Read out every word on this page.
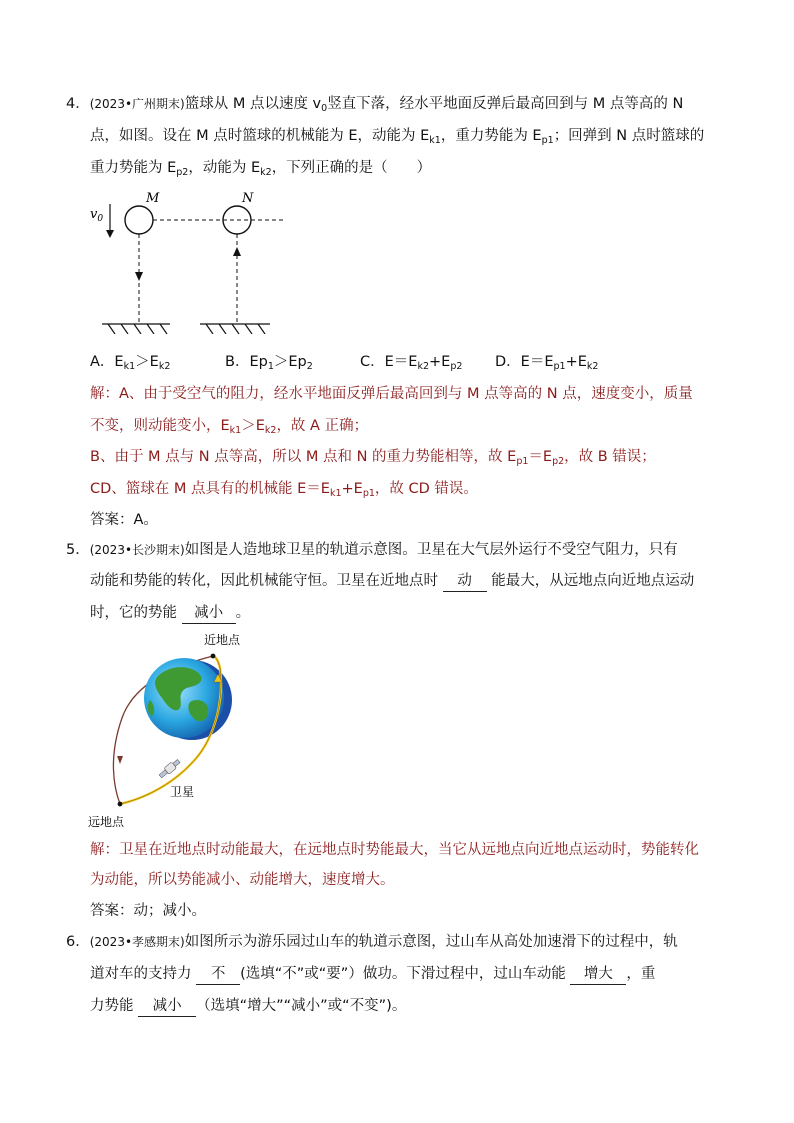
4．(2023•广州期末)篮球从 M 点以速度 $v_0$竖直下落，经水平地面反弹后最高回到与 M 点等高的 N
点，如图。设在 M 点时篮球的机械能为 E，动能为 $E_{k1}$，重力势能为 $E_{p1}$；回弹到 N 点时篮球的
重力势能为 $E_{p2}$，动能为 $E_{k2}$，下列正确的是（　　）
$v_0$
M	N
A．$E_{k1}>E_{k2}$	B．$Ep_1>Ep_2$	C．$E=E_{k2}+E_{p2}$ D．$E=E_{p1}+E_{k2}$
解：A、由于受空气的阻力，经水平地面反弹后最高回到与 M 点等高的 N 点，速度变小，质量
不变，则动能变小，$E_{k1}>E_{k2}$，故 A 正确；
B、由于 M 点与 N 点等高，所以 M 点和 N 的重力势能相等，故 $E_{p1}=E_{p2}$，故 B 错误；
CD、篮球在 M 点具有的机械能 $E=E_{k1}+E_{p1}$，故 CD 错误。
答案：A。
5．(2023•长沙期末)如图是人造地球卫星的轨道示意图。卫星在大气层外运行不受空气阻力，只有
动能和势能的转化，因此机械能守恒。卫星在近地点时 动 能最大，从远地点向近地点运动
时，它的势能 减小 。
近地点
远地点
卫星
解：卫星在近地点时动能最大，在远地点时势能最大，当它从远地点向近地点运动时，势能转化
为动能，所以势能减小、动能增大，速度增大。
答案：动；减小。
6．(2023•孝感期末)如图所示为游乐园过山车的轨道示意图，过山车从高处加速滑下的过程中，轨
道对车的支持力 不 (选填“不”或“要”）做功。下滑过程中，过山车动能 增大 ，重
力势能 减小 （选填“增大”“减小”或“不变”)。
